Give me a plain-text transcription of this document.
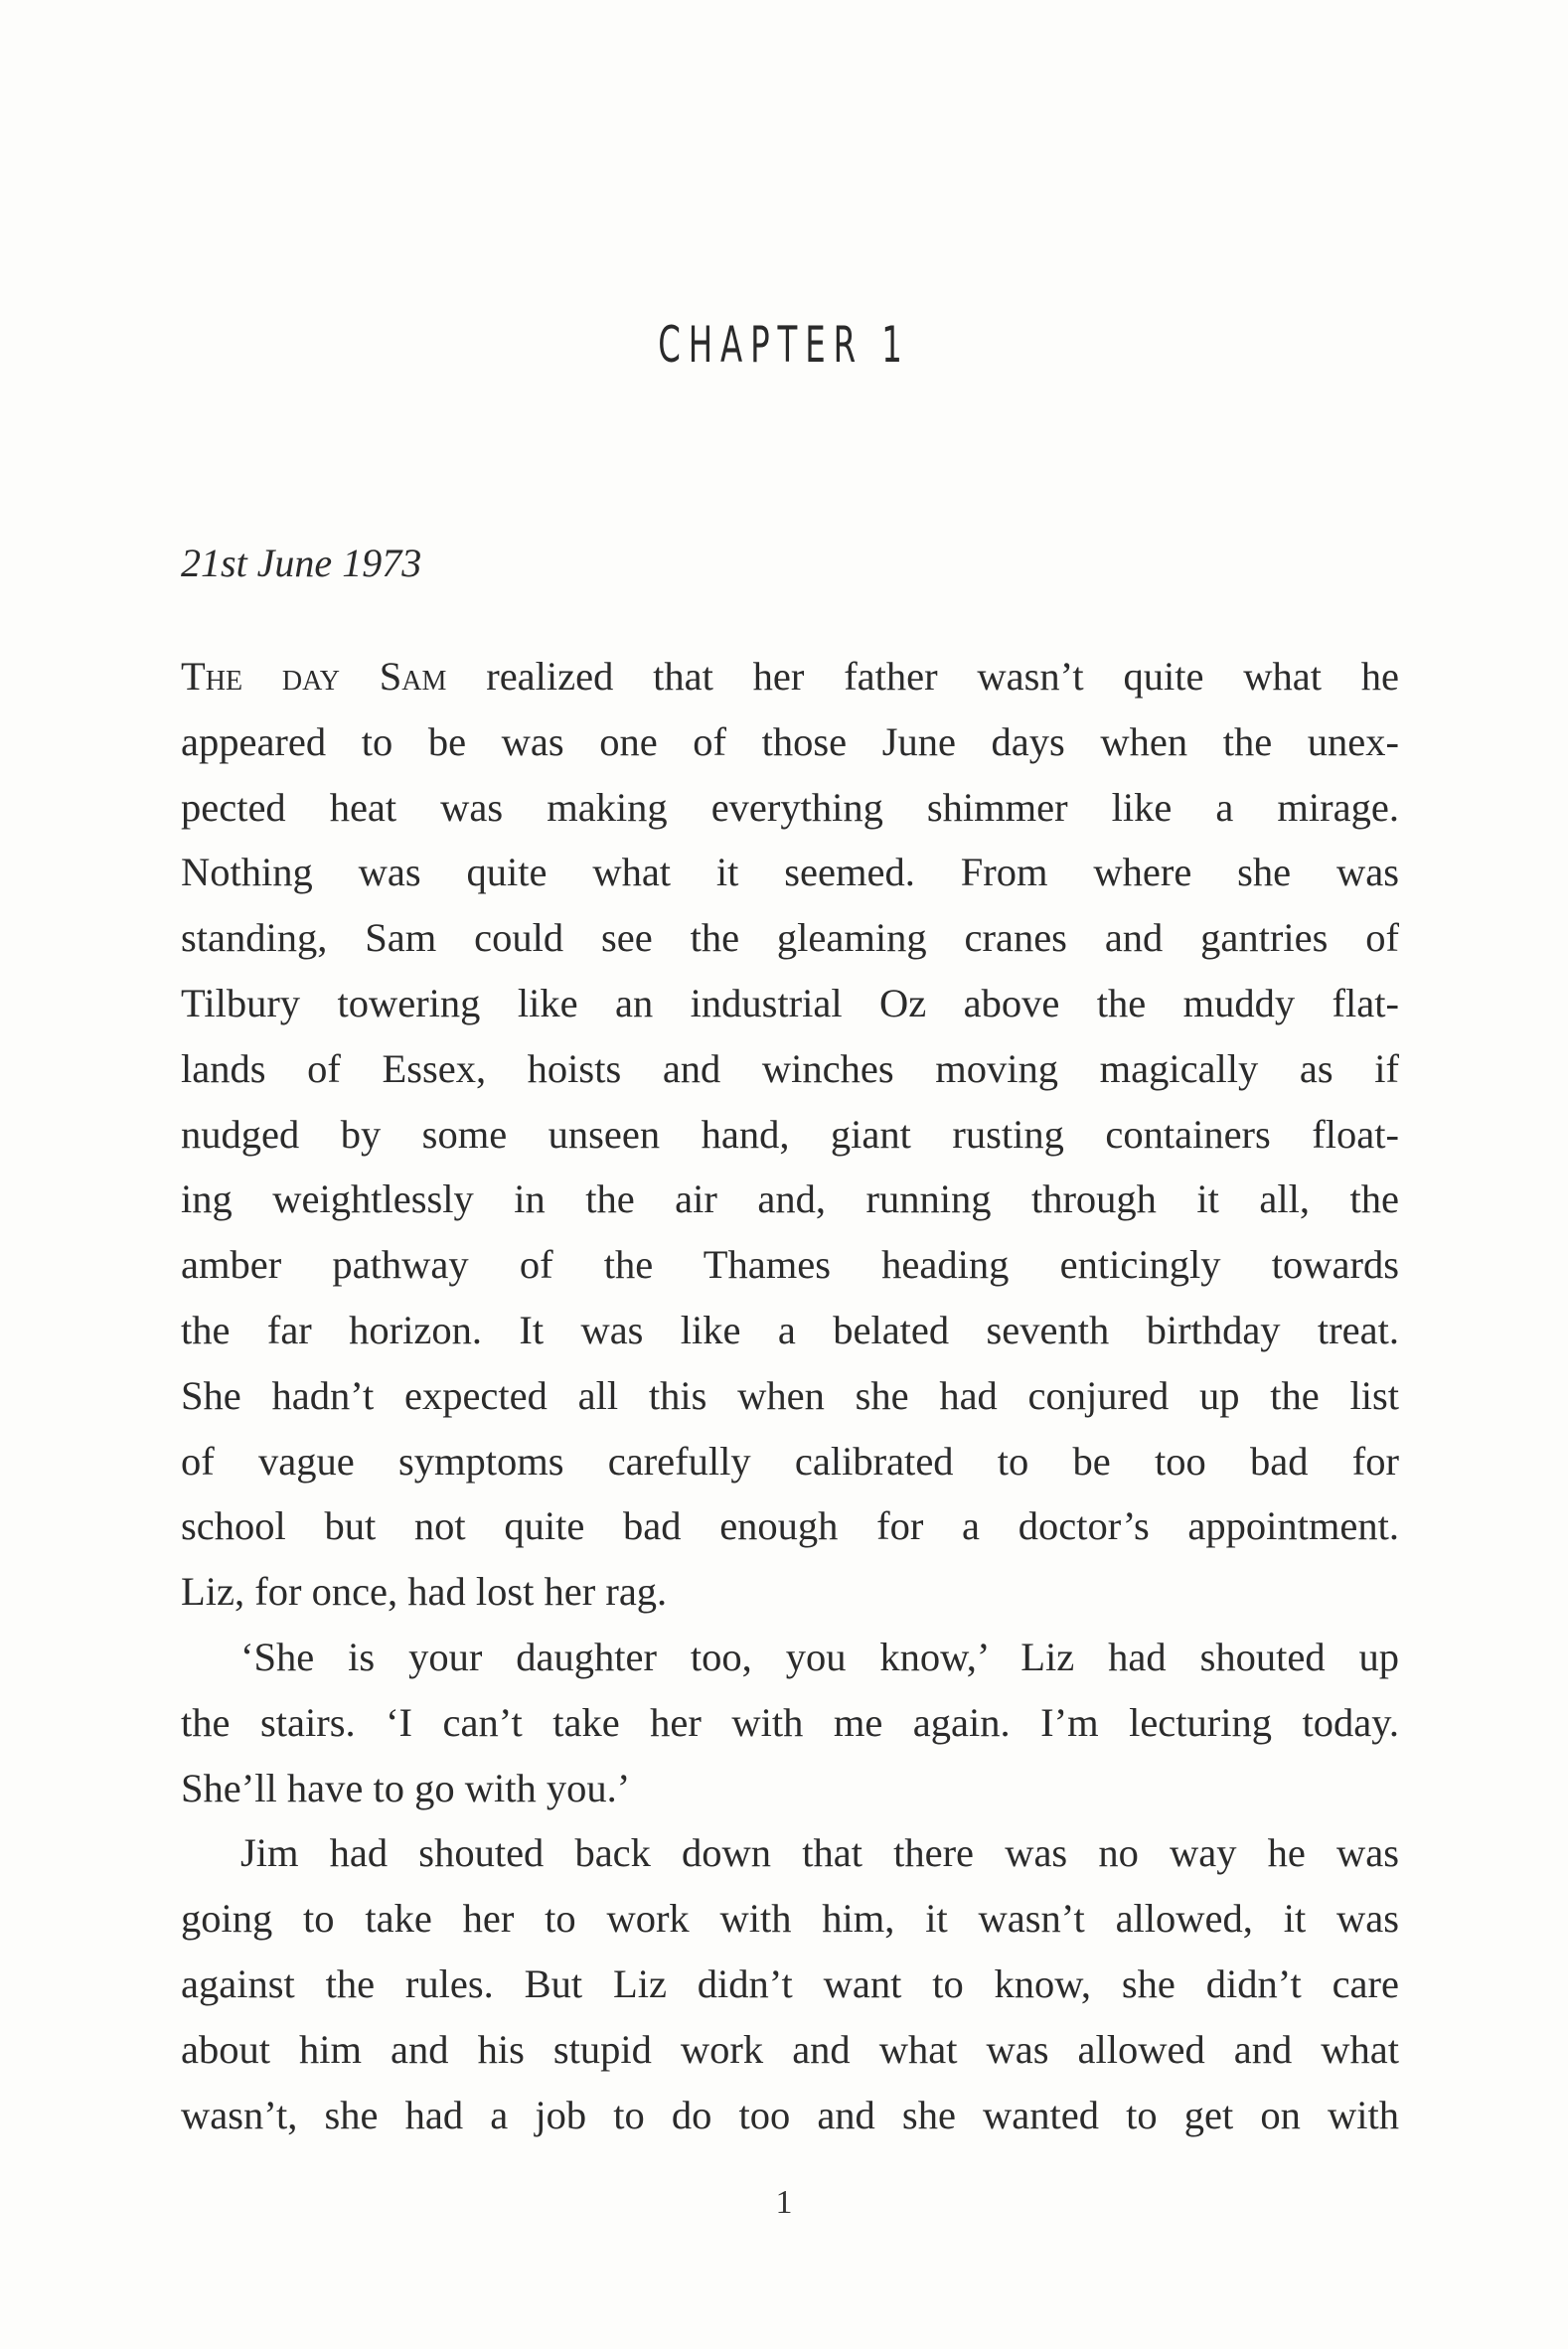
CHAPTER 1
21st June 1973
The day Sam realized that her father wasn’t quite what he
appeared to be was one of those June days when the unex-
pected heat was making everything shimmer like a mirage.
Nothing was quite what it seemed. From where she was
standing, Sam could see the gleaming cranes and gantries of
Tilbury towering like an industrial Oz above the muddy flat-
lands of Essex, hoists and winches moving magically as if
nudged by some unseen hand, giant rusting containers float-
ing weightlessly in the air and, running through it all, the
amber pathway of the Thames heading enticingly towards
the far horizon. It was like a belated seventh birthday treat.
She hadn’t expected all this when she had conjured up the list
of vague symptoms carefully calibrated to be too bad for
school but not quite bad enough for a doctor’s appointment.
Liz, for once, had lost her rag.
‘She is your daughter too, you know,’ Liz had shouted up
the stairs. ‘I can’t take her with me again. I’m lecturing today.
She’ll have to go with you.’
Jim had shouted back down that there was no way he was
going to take her to work with him, it wasn’t allowed, it was
against the rules. But Liz didn’t want to know, she didn’t care
about him and his stupid work and what was allowed and what
wasn’t, she had a job to do too and she wanted to get on with
1
